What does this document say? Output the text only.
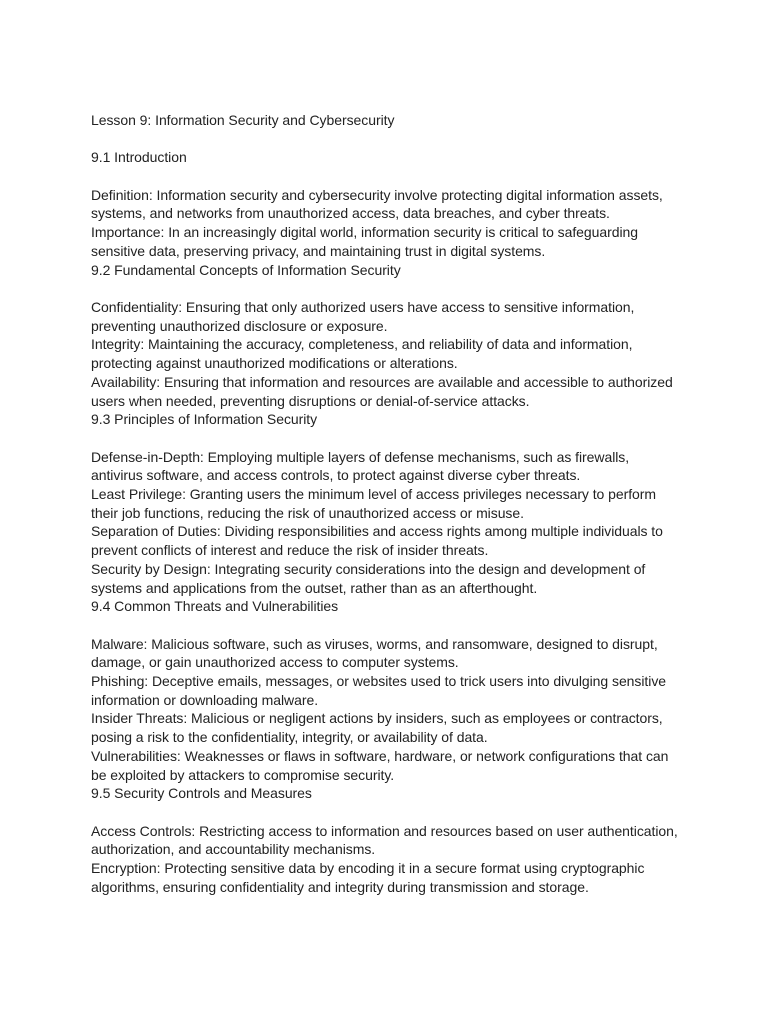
Lesson 9: Information Security and Cybersecurity
9.1 Introduction
Definition: Information security and cybersecurity involve protecting digital information assets,
systems, and networks from unauthorized access, data breaches, and cyber threats.
Importance: In an increasingly digital world, information security is critical to safeguarding
sensitive data, preserving privacy, and maintaining trust in digital systems.
9.2 Fundamental Concepts of Information Security
Confidentiality: Ensuring that only authorized users have access to sensitive information,
preventing unauthorized disclosure or exposure.
Integrity: Maintaining the accuracy, completeness, and reliability of data and information,
protecting against unauthorized modifications or alterations.
Availability: Ensuring that information and resources are available and accessible to authorized
users when needed, preventing disruptions or denial-of-service attacks.
9.3 Principles of Information Security
Defense-in-Depth: Employing multiple layers of defense mechanisms, such as firewalls,
antivirus software, and access controls, to protect against diverse cyber threats.
Least Privilege: Granting users the minimum level of access privileges necessary to perform
their job functions, reducing the risk of unauthorized access or misuse.
Separation of Duties: Dividing responsibilities and access rights among multiple individuals to
prevent conflicts of interest and reduce the risk of insider threats.
Security by Design: Integrating security considerations into the design and development of
systems and applications from the outset, rather than as an afterthought.
9.4 Common Threats and Vulnerabilities
Malware: Malicious software, such as viruses, worms, and ransomware, designed to disrupt,
damage, or gain unauthorized access to computer systems.
Phishing: Deceptive emails, messages, or websites used to trick users into divulging sensitive
information or downloading malware.
Insider Threats: Malicious or negligent actions by insiders, such as employees or contractors,
posing a risk to the confidentiality, integrity, or availability of data.
Vulnerabilities: Weaknesses or flaws in software, hardware, or network configurations that can
be exploited by attackers to compromise security.
9.5 Security Controls and Measures
Access Controls: Restricting access to information and resources based on user authentication,
authorization, and accountability mechanisms.
Encryption: Protecting sensitive data by encoding it in a secure format using cryptographic
algorithms, ensuring confidentiality and integrity during transmission and storage.
